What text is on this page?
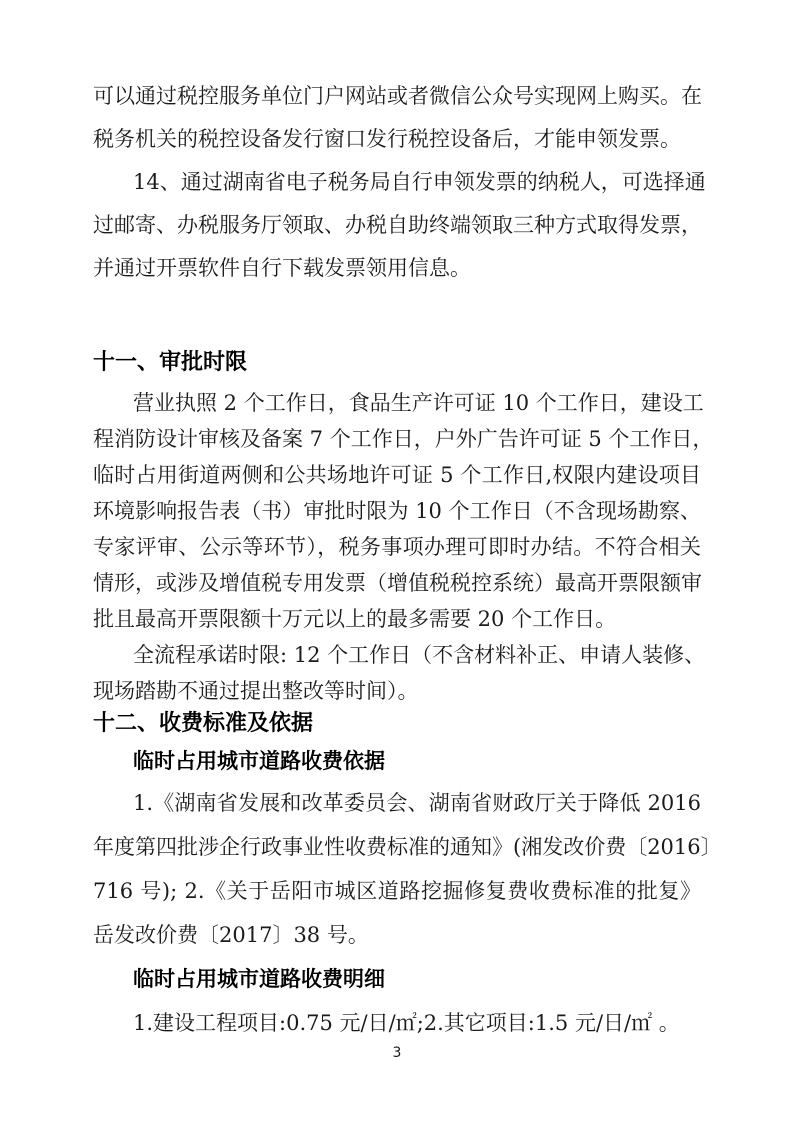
可以通过税控服务单位门户网站或者微信公众号实现网上购买。在
税务机关的税控设备发行窗口发行税控设备后，才能申领发票。
14、通过湖南省电子税务局自行申领发票的纳税人，可选择通
过邮寄、办税服务厅领取、办税自助终端领取三种方式取得发票，
并通过开票软件自行下载发票领用信息。
十一、审批时限
营业执照 2 个工作日，食品生产许可证 10 个工作日，建设工
程消防设计审核及备案 7 个工作日，户外广告许可证 5 个工作日，
临时占用街道两侧和公共场地许可证 5 个工作日,权限内建设项目
环境影响报告表（书）审批时限为 10 个工作日（不含现场勘察、
专家评审、公示等环节），税务事项办理可即时办结。不符合相关
情形，或涉及增值税专用发票（增值税税控系统）最高开票限额审
批且最高开票限额十万元以上的最多需要 20 个工作日。
全流程承诺时限: 12 个工作日（不含材料补正、申请人装修、
现场踏勘不通过提出整改等时间）。
十二、收费标准及依据
临时占用城市道路收费依据
1.《湖南省发展和改革委员会、湖南省财政厅关于降低 2016
年度第四批涉企行政事业性收费标准的通知》(湘发改价费〔2016〕
716 号); 2.《关于岳阳市城区道路挖掘修复费收费标准的批复》
岳发改价费〔2017〕38 号。
临时占用城市道路收费明细
1.建设工程项目:0.75 元/日/㎡;2.其它项目:1.5 元/日/㎡ 。
3
